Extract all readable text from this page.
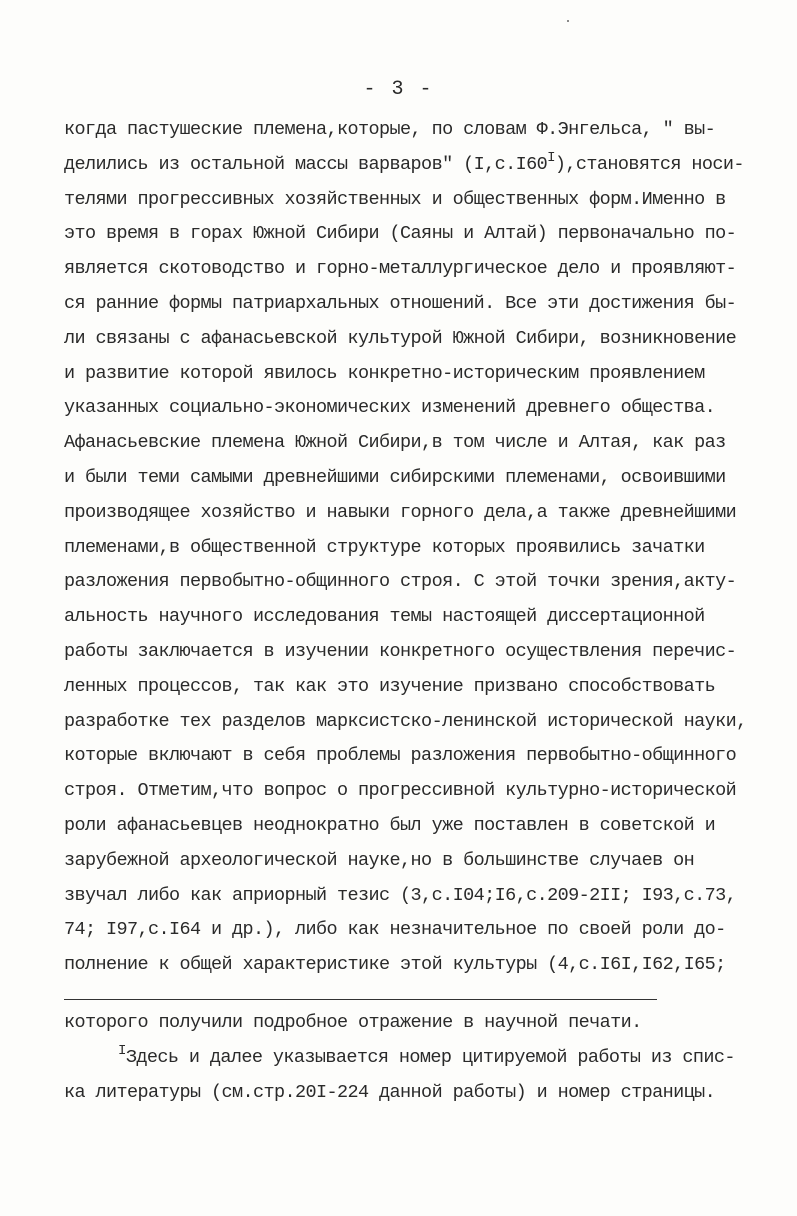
- 3 -
когда пастушеские племена,которые, по словам Ф.Энгельса, " вы-
делились из остальной массы варваров" $(I,с.I60^I),становятся$ носи-
телями прогрессивных хозяйственных и общественных форм.Именно в
это время в горах Южной Сибири (Саяны и Алтай) первоначально по-
является скотоводство и горно-металлургическое дело и проявляют-
ся ранние формы патриархальных отношений. Все эти достижения бы-
ли связаны с афанасьевской культурой Южной Сибири, возникновение
и развитие которой явилось конкретно-историческим проявлением
указанных социально-экономических изменений древнего общества.
Афанасьевские племена Южной Сибири,в том числе и Алтая, как раз
и были теми самыми древнейшими сибирскими племенами, освоившими
производящее хозяйство и навыки горного дела,а также древнейшими
племенами,в общественной структуре которых проявились зачатки
разложения первобытно-общинного строя. С этой точки зрения,акту-
альность научного исследования темы настоящей диссертационной
работы заключается в изучении конкретного осуществления перечис-
ленных процессов, так как это изучение призвано способствовать
разработке тех разделов марксистско-ленинской исторической науки,
которые включают в себя проблемы разложения первобытно-общинного
строя. Отметим,что вопрос о прогрессивной культурно-исторической
роли афанасьевцев неоднократно был уже поставлен в советской и
зарубежной археологической науке,но в большинстве случаев он
звучал либо как априорный тезис (3,с.I04;I6,с.209-2II; I93,с.73,
74; I97,с.I64 и др.), либо как незначительное по своей роли до-
полнение к общей характеристике этой культуры (4,с.I6I,I62,I65;
которого получили подробное отражение в научной печати.
$^I$Здесь и далее указывается номер цитируемой работы из спис-
ка литературы (см.стр.20I-224 данной работы) и номер страницы.
